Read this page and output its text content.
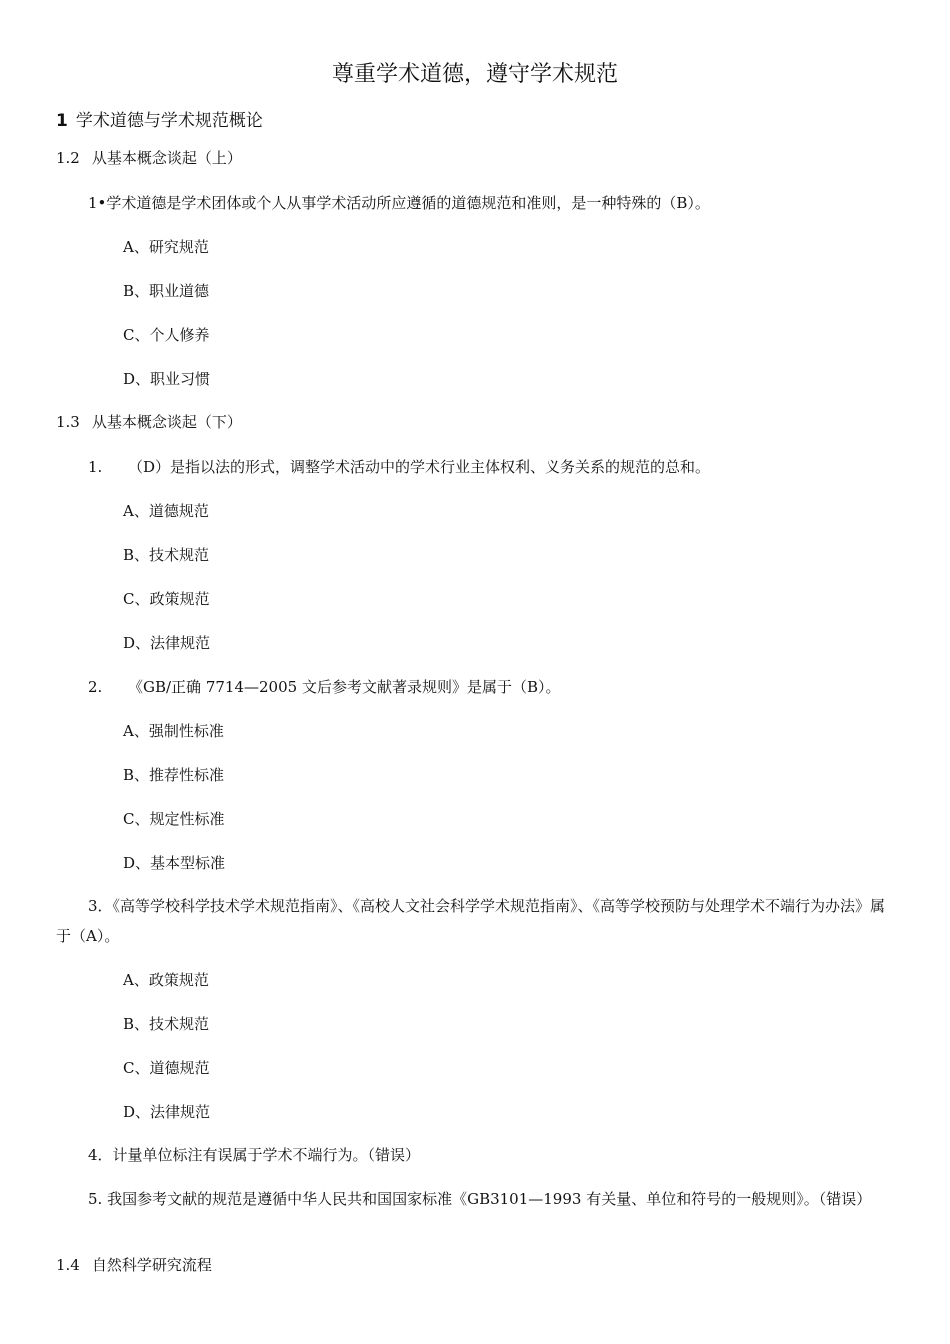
尊重学术道德，遵守学术规范
1 学术道德与学术规范概论
1.2 从基本概念谈起（上）
1•学术道德是学术团体或个人从事学术活动所应遵循的道德规范和准则，是一种特殊的（B）。
A、研究规范
B、职业道德
C、个人修养
D、职业习惯
1.3 从基本概念谈起（下）
1. （D）是指以法的形式，调整学术活动中的学术行业主体权利、义务关系的规范的总和。
A、道德规范
B、技术规范
C、政策规范
D、法律规范
2. 《GB/正确 7714—2005 文后参考文献著录规则》是属于（B）。
A、强制性标准
B、推荐性标准
C、规定性标准
D、基本型标准
3．《高等学校科学技术学术规范指南》、《高校人文社会科学学术规范指南》、《高等学校预防与处理学术不端行为办法》属于（A）。
A、政策规范
B、技术规范
C、道德规范
D、法律规范
4．计量单位标注有误属于学术不端行为。（错误）
5. 我国参考文献的规范是遵循中华人民共和国国家标准《GB3101—1993 有关量、单位和符号的一般规则》。（错误）
1.4 自然科学研究流程
